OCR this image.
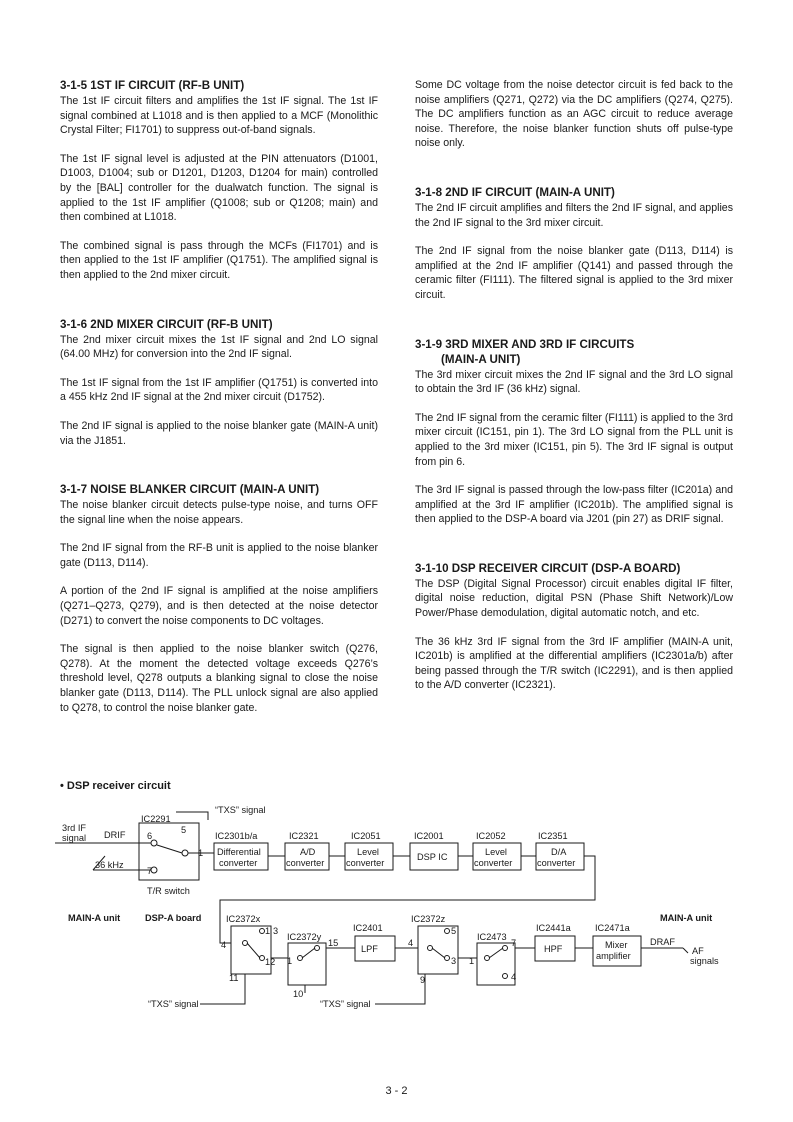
3-1-5 1ST IF CIRCUIT (RF-B UNIT)

The 1st IF circuit filters and amplifies the 1st IF signal. The 1st IF signal combined at L1018 and is then applied to a MCF (Monolithic Crystal Filter; FI1701) to suppress out-of-band signals.

The 1st IF signal level is adjusted at the PIN attenuators (D1001, D1003, D1004; sub or D1201, D1203, D1204 for main) controlled by the [BAL] controller for the dualwatch function. The signal is applied to the 1st IF amplifier (Q1008; sub or Q1208; main) and then combined at L1018.

The combined signal is pass through the MCFs (FI1701) and is then applied to the 1st IF amplifier (Q1751). The amplified signal is then applied to the 2nd mixer circuit.

3-1-6 2ND MIXER CIRCUIT (RF-B UNIT)

The 2nd mixer circuit mixes the 1st IF signal and 2nd LO signal (64.00 MHz) for conversion into the 2nd IF signal.

The 1st IF signal from the 1st IF amplifier (Q1751) is converted into a 455 kHz 2nd IF signal at the 2nd mixer circuit (D1752).

The 2nd IF signal is applied to the noise blanker gate (MAIN-A unit) via the J1851.

3-1-7 NOISE BLANKER CIRCUIT (MAIN-A UNIT)

The noise blanker circuit detects pulse-type noise, and turns OFF the signal line when the noise appears.

The 2nd IF signal from the RF-B unit is applied to the noise blanker gate (D113, D114).

A portion of the 2nd IF signal is amplified at the noise amplifiers (Q271–Q273, Q279), and is then detected at the noise detector (D271) to convert the noise components to DC voltages.

The signal is then applied to the noise blanker switch (Q276, Q278). At the moment the detected voltage exceeds Q276’s threshold level, Q278 outputs a blanking signal to close the noise blanker gate (D113, D114). The PLL unlock signal are also applied to Q278, to control the noise blanker gate.

Some DC voltage from the noise detector circuit is fed back to the noise amplifiers (Q271, Q272) via the DC amplifiers (Q274, Q275). The DC amplifiers function as an AGC circuit to reduce average noise. Therefore, the noise blanker function shuts off pulse-type noise only.

3-1-8 2ND IF CIRCUIT (MAIN-A UNIT)

The 2nd IF circuit amplifies and filters the 2nd IF signal, and applies the 2nd IF signal to the 3rd mixer circuit.

The 2nd IF signal from the noise blanker gate (D113, D114) is amplified at the 2nd IF amplifier (Q141) and passed through the ceramic filter (FI111). The filtered signal is applied to the 3rd mixer circuit.

3-1-9 3RD MIXER AND 3RD IF CIRCUITS
(MAIN-A UNIT)

The 3rd mixer circuit mixes the 2nd IF signal and the 3rd LO signal to obtain the 3rd IF (36 kHz) signal.

The 2nd IF signal from the ceramic filter (FI111) is applied to the 3rd mixer circuit (IC151, pin 1). The 3rd LO signal from the PLL unit is applied to the 3rd mixer (IC151, pin 5). The 3rd IF signal is output from pin 6.

The 3rd IF signal is passed through the low-pass filter (IC201a) and amplified at the 3rd IF amplifier (IC201b). The amplified signal is then applied to the DSP-A board via J201 (pin 27) as DRIF signal.

3-1-10 DSP RECEIVER CIRCUIT (DSP-A BOARD)

The DSP (Digital Signal Processor) circuit enables digital IF filter, digital noise reduction, digital PSN (Phase Shift Network)/Low Power/Phase demodulation, digital automatic notch, and etc.

The 36 kHz 3rd IF signal from the 3rd IF amplifier (MAIN-A unit, IC201b) is amplified at the differential amplifiers (IC2301a/b) after being passed through the T/R switch (IC2291), and is then applied to the A/D converter (IC2321).

• DSP receiver circuit
“TXS” signal
3rd IF
signal DRIF
36 kHz
IC2291
6
5
1
7
T/R switch
IC2301b/a
Differential
converter
IC2321
A/D
converter
IC2051
Level
converter
IC2001
DSP IC
IC2052
Level
converter
IC2351
D/A
converter
MAIN-A unit	DSP-A board	MAIN-A unit
IC2372x
1 3
4
12
11
IC2372y
1
15
10
IC2401
LPF
IC2372z
4
3
9
5
IC2473
1
7
4
IC2441a
HPF
IC2471a
Mixer
amplifier
DRAF
AF
signals
“TXS” signal	“TXS” signal
3 - 2
